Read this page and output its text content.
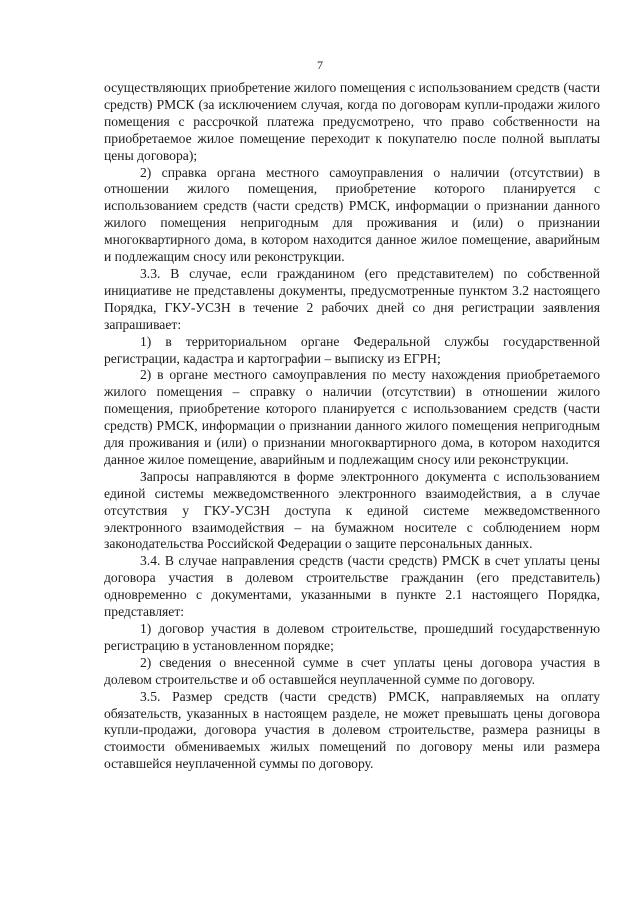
7

осуществляющих приобретение жилого помещения с использованием средств (части средств) РМСК (за исключением случая, когда по договорам купли-продажи жилого помещения с рассрочкой платежа предусмотрено, что право собственности на приобретаемое жилое помещение переходит к покупателю после полной выплаты цены договора);

2) справка органа местного самоуправления о наличии (отсутствии) в отношении жилого помещения, приобретение которого планируется с использованием средств (части средств) РМСК, информации о признании данного жилого помещения непригодным для проживания и (или) о признании многоквартирного дома, в котором находится данное жилое помещение, аварийным и подлежащим сносу или реконструкции.

3.3. В случае, если гражданином (его представителем) по собственной инициативе не представлены документы, предусмотренные пунктом 3.2 настоящего Порядка, ГКУ-УСЗН в течение 2 рабочих дней со дня регистрации заявления запрашивает:

1) в территориальном органе Федеральной службы государственной регистрации, кадастра и картографии – выписку из ЕГРН;

2) в органе местного самоуправления по месту нахождения приобретаемого жилого помещения – справку о наличии (отсутствии) в отношении жилого помещения, приобретение которого планируется с использованием средств (части средств) РМСК, информации о признании данного жилого помещения непригодным для проживания и (или) о признании многоквартирного дома, в котором находится данное жилое помещение, аварийным и подлежащим сносу или реконструкции.

Запросы направляются в форме электронного документа с использованием единой системы межведомственного электронного взаимодействия, а в случае отсутствия у ГКУ-УСЗН доступа к единой системе межведомственного электронного взаимодействия – на бумажном носителе с соблюдением норм законодательства Российской Федерации о защите персональных данных.

3.4. В случае направления средств (части средств) РМСК в счет уплаты цены договора участия в долевом строительстве гражданин (его представитель) одновременно с документами, указанными в пункте 2.1 настоящего Порядка, представляет:

1) договор участия в долевом строительстве, прошедший государственную регистрацию в установленном порядке;

2) сведения о внесенной сумме в счет уплаты цены договора участия в долевом строительстве и об оставшейся неуплаченной сумме по договору.

3.5. Размер средств (части средств) РМСК, направляемых на оплату обязательств, указанных в настоящем разделе, не может превышать цены договора купли-продажи, договора участия в долевом строительстве, размера разницы в стоимости обмениваемых жилых помещений по договору мены или размера оставшейся неуплаченной суммы по договору.
